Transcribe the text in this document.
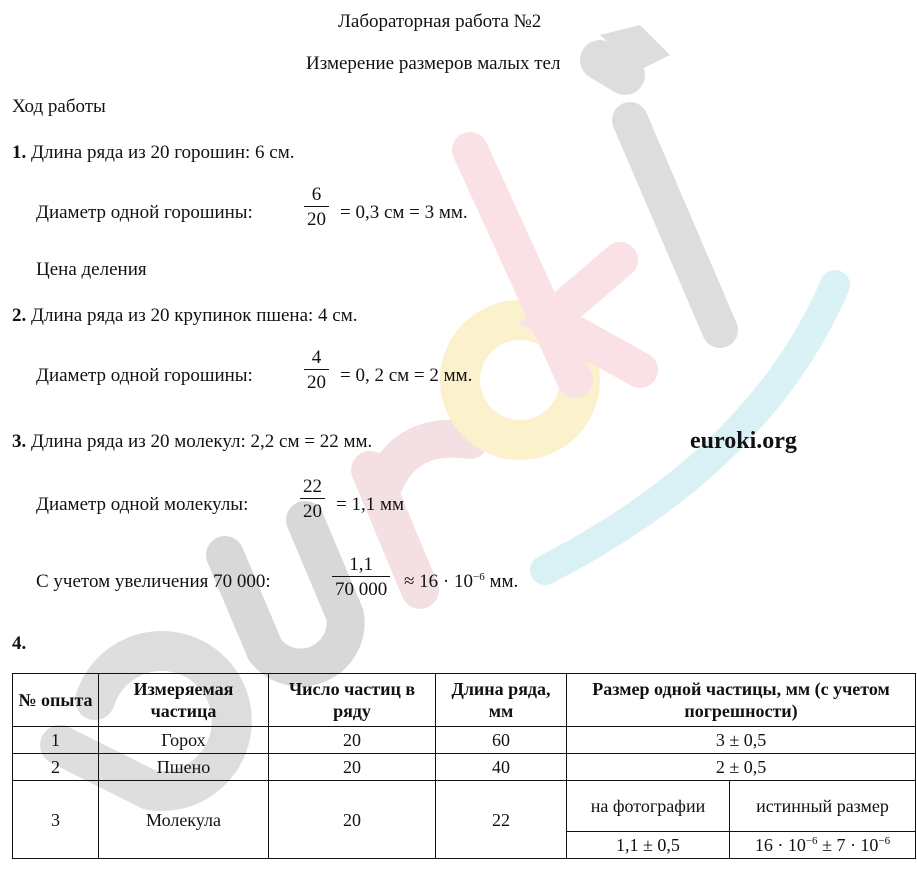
Лабораторная работа №2
Измерение размеров малых тел
Ход работы
1. Длина ряда из 20 горошин: 6 см.
Диаметр одной горошины:	$\frac{6}{20} = 0,3$ см = 3 мм.
Цена деления
2. Длина ряда из 20 крупинок пшена: 4 см.
Диаметр одной горошины:	$\frac{4}{20} = 0$, 2 см = 2 мм.
3. Длина ряда из 20 молекул: 2,2 см = 22 мм.	euroki.org
Диаметр одной молекулы:	$\frac{22}{20} = 1,1$ мм
С учетом увеличения 70 000:	$\frac{1,1}{70 000} \approx 16 \cdot 10^{-6}$ мм.
4.
№ опыта	Измеряемая частица	Число частиц в ряду	Длина ряда, мм	Размер одной частицы, мм (с учетом погрешности)	
1	Горох	20	60	3 ± 0,5	
2	Пшено	20	40	2 ± 0,5	
3	Молекула	20	22	на фотографии	истинный размер
				1,1 ± 0,5	$16 \cdot 10^{-6} \pm 7 \cdot 10^{-6}$
